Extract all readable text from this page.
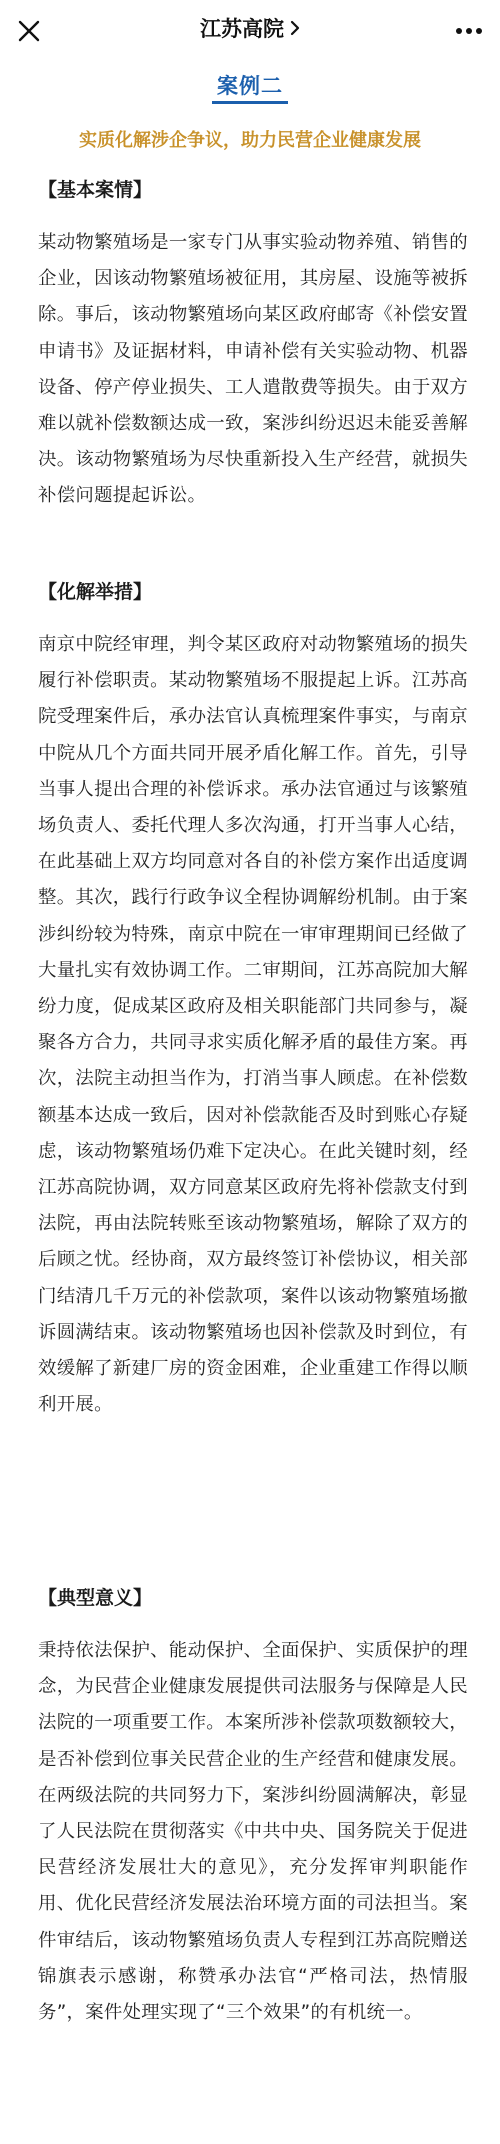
江苏高院
案例二
实质化解涉企争议，助力民营企业健康发展
【基本案情】
某动物繁殖场是一家专门从事实验动物养殖、销售的企业，因该动物繁殖场被征用，其房屋、设施等被拆除。事后，该动物繁殖场向某区政府邮寄《补偿安置申请书》及证据材料，申请补偿有关实验动物、机器设备、停产停业损失、工人遣散费等损失。由于双方难以就补偿数额达成一致，案涉纠纷迟迟未能妥善解决。该动物繁殖场为尽快重新投入生产经营，就损失补偿问题提起诉讼。
【化解举措】
南京中院经审理，判令某区政府对动物繁殖场的损失履行补偿职责。某动物繁殖场不服提起上诉。江苏高院受理案件后，承办法官认真梳理案件事实，与南京中院从几个方面共同开展矛盾化解工作。首先，引导当事人提出合理的补偿诉求。承办法官通过与该繁殖场负责人、委托代理人多次沟通，打开当事人心结，在此基础上双方均同意对各自的补偿方案作出适度调整。其次，践行行政争议全程协调解纷机制。由于案涉纠纷较为特殊，南京中院在一审审理期间已经做了大量扎实有效协调工作。二审期间，江苏高院加大解纷力度，促成某区政府及相关职能部门共同参与，凝聚各方合力，共同寻求实质化解矛盾的最佳方案。再次，法院主动担当作为，打消当事人顾虑。在补偿数额基本达成一致后，因对补偿款能否及时到账心存疑虑，该动物繁殖场仍难下定决心。在此关键时刻，经江苏高院协调，双方同意某区政府先将补偿款支付到法院，再由法院转账至该动物繁殖场，解除了双方的后顾之忧。经协商，双方最终签订补偿协议，相关部门结清几千万元的补偿款项，案件以该动物繁殖场撤诉圆满结束。该动物繁殖场也因补偿款及时到位，有效缓解了新建厂房的资金困难，企业重建工作得以顺利开展。
【典型意义】
秉持依法保护、能动保护、全面保护、实质保护的理念，为民营企业健康发展提供司法服务与保障是人民法院的一项重要工作。本案所涉补偿款项数额较大，是否补偿到位事关民营企业的生产经营和健康发展。在两级法院的共同努力下，案涉纠纷圆满解决，彰显了人民法院在贯彻落实《中共中央、国务院关于促进民营经济发展壮大的意见》，充分发挥审判职能作用、优化民营经济发展法治环境方面的司法担当。案件审结后，该动物繁殖场负责人专程到江苏高院赠送锦旗表示感谢，称赞承办法官“严格司法，热情服务”，案件处理实现了“三个效果”的有机统一。
